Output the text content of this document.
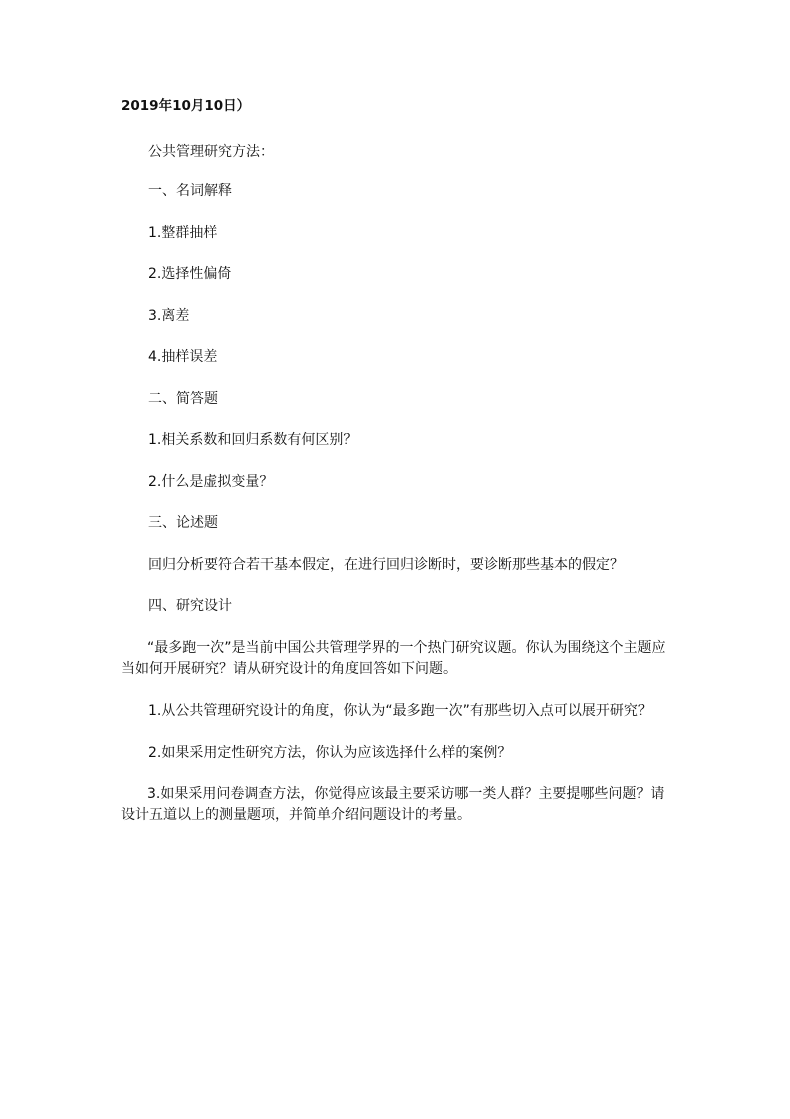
2019年10月10日）
公共管理研究方法：
一、名词解释
1.整群抽样
2.选择性偏倚
3.离差
4.抽样误差
二、简答题
1.相关系数和回归系数有何区别？
2.什么是虚拟变量？
三、论述题
回归分析要符合若干基本假定，在进行回归诊断时，要诊断那些基本的假定？
四、研究设计
“最多跑一次”是当前中国公共管理学界的一个热门研究议题。你认为围绕这个主题应当如何开展研究？请从研究设计的角度回答如下问题。
1.从公共管理研究设计的角度，你认为“最多跑一次”有那些切入点可以展开研究？
2.如果采用定性研究方法，你认为应该选择什么样的案例？
3.如果采用问卷调查方法，你觉得应该最主要采访哪一类人群？主要提哪些问题？请设计五道以上的测量题项，并简单介绍问题设计的考量。
